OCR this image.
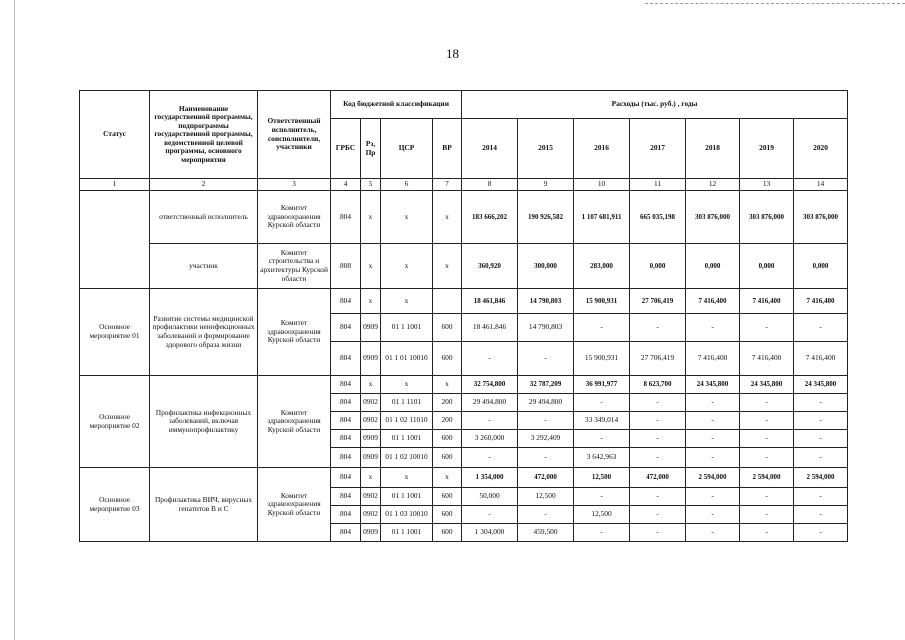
18
Статус	Наименование государственной программы, подпрограммы государственной программы, ведомственной целевой программы, основного мероприятия	Ответственный исполнитель, соисполнители, участники	Код бюджетной классификации				Расходы (тыс. руб.) , годы						
			ГРБС	Рз, Пр	ЦСР	ВР	2014	2015	2016	2017	2018	2019	2020
1	2	3	4	5	6	7	8	9	10	11	12	13	14
	ответственный исполнитель	Комитет здравоохранения Курской области	804	х	х	х	183 666,202	190 926,582	1 107 681,911	665 035,198	303 876,000	303 876,000	303 876,000
	участник	Комитет строительства и архитектуры Курской области	808	х	х	х	360,920	300,000	283,000	0,000	0,000	0,000	0,000
Основное мероприятие 01	Развитие системы медицинской профилактики неинфекционных заболеваний и формирование здорового образа жизни	Комитет здравоохранения Курской области	804	х	х		18 461,846	14 790,803	15 900,931	27 706,419	7 416,400	7 416,400	7 416,400
			804	0909	01 1 1001	600	18 461,846	14 790,803	-	-	-	-	-
			804	0909	01 1 01 10010	600	-	-	15 900,931	27 706,419	7 416,400	7 416,400	7 416,400
Основное мероприятие 02	Профилактика инфекционных заболеваний, включая иммунопрофилактику	Комитет здравоохранения Курской области	804	х	х	х	32 754,800	32 787,209	36 991,977	8 623,700	24 345,800	24 345,800	24 345,800
			804	0902	01 1 1101	200	29 494,800	29 494,800	-	-	-	-	-
			804	0902	01 1 02 11010	200	-	-	33 349,014	-	-	-	-
			804	0909	01 1 1001	600	3 260,000	3 292,409	-	-	-	-	-
			804	0909	01 1 02 10010	600	-	-	3 642,963	-	-	-	-
Основное мероприятие 03	Профилактика ВИЧ, вирусных гепатитов В и С	Комитет здравоохранения Курской области	804	х	х	х	1 354,000	472,000	12,500	472,000	2 594,000	2 594,000	2 594,000
			804	0902	01 1 1001	600	50,000	12,500	-	-	-	-	-
			804	0902	01 1 03 10010	600	-	-	12,500	-	-	-	-
			804	0909	01 1 1001	600	1 304,000	459,500	-	-	-	-	-
